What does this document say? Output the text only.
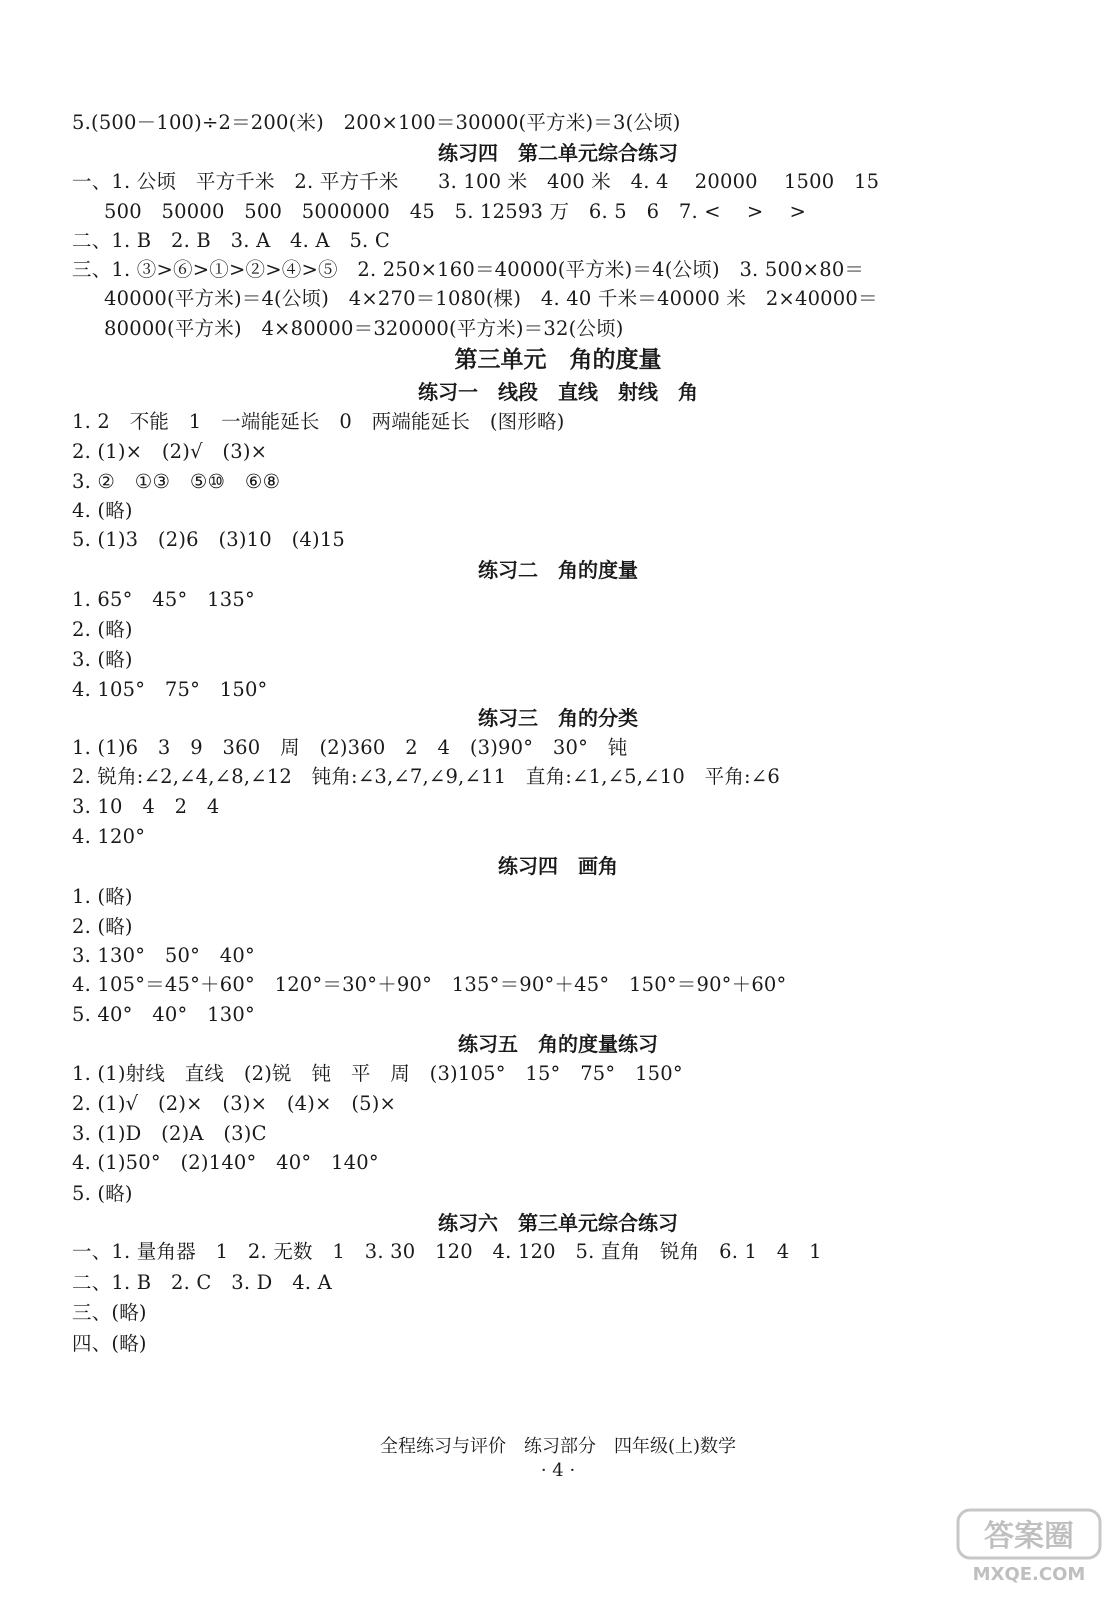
5.(500－100)÷2＝200(米)　200×100＝30000(平方米)＝3(公顷)
练习四　第二单元综合练习
一、1. 公顷　平方千米　2. 平方千米　　3. 100 米　400 米　4. 4　 20000　 1500　15
500　50000　500　5000000　45　5. 12593 万　6. 5　6　7. <　 >　 >
二、1. B　2. B　3. A　4. A　5. C
三、1. ③>⑥>①>②>④>⑤　2. 250×160＝40000(平方米)＝4(公顷)　3. 500×80＝
40000(平方米)＝4(公顷)　4×270＝1080(棵)　4. 40 千米＝40000 米　2×40000＝
80000(平方米)　4×80000＝320000(平方米)＝32(公顷)
第三单元　角的度量
练习一　线段　直线　射线　角
1. 2　不能　1　一端能延长　0　两端能延长　(图形略)
2. (1)×　(2)√　(3)×
3. ②　①③　⑤⑩　⑥⑧
4. (略)
5. (1)3　(2)6　(3)10　(4)15
练习二　角的度量
1. 65°　45°　135°
2. (略)
3. (略)
4. 105°　75°　150°
练习三　角的分类
1. (1)6　3　9　360　周　(2)360　2　4　(3)90°　30°　钝
2. 锐角:∠2,∠4,∠8,∠12　钝角:∠3,∠7,∠9,∠11　直角:∠1,∠5,∠10　平角:∠6
3. 10　4　2　4
4. 120°
练习四　画角
1. (略)
2. (略)
3. 130°　50°　40°
4. 105°＝45°＋60°　120°＝30°＋90°　135°＝90°＋45°　150°＝90°＋60°
5. 40°　40°　130°
练习五　角的度量练习
1. (1)射线　直线　(2)锐　钝　平　周　(3)105°　15°　75°　150°
2. (1)√　(2)×　(3)×　(4)×　(5)×
3. (1)D　(2)A　(3)C
4. (1)50°　(2)140°　40°　140°
5. (略)
练习六　第三单元综合练习
一、1. 量角器　1　2. 无数　1　3. 30　120　4. 120　5. 直角　锐角　6. 1　4　1
二、1. B　2. C　3. D　4. A
三、(略)
四、(略)
全程练习与评价　练习部分　四年级(上)数学
· 4 ·
答案圈
MXQE.COM
